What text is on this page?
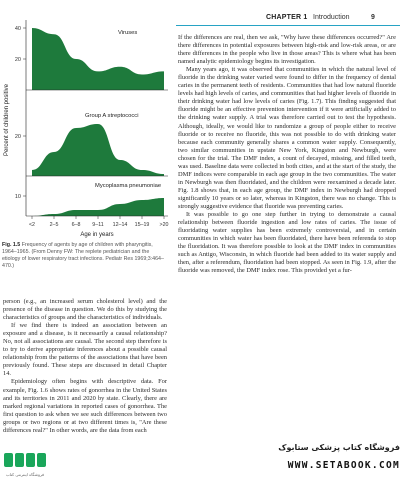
CHAPTER 1 Introduction	9
20
40
Viruses
20
Group A streptococci
10
Mycoplasma pneumoniae
<2	2–5 6–8 9–11 12–14 15–19 >20
Age in years
Percent of children positive
Fig. 1.5 Frequency of agents by age of children with pharyngitis, 1964–1965. (From Denny FW: The replete pediatrician and the etiology of lower respiratory tract infections. Pediatr Res 1969;3:464–470.)

person (e.g., an increased serum cholesterol level) and the presence of the disease in question. We do this by studying the characteristics of groups and the characteristics of individuals.

If we find there is indeed an association between an exposure and a disease, is it necessarily a causal relationship? No, not all associations are causal. The second step therefore is to try to derive appropriate inferences about a possible causal relationship from the patterns of the associations that have been previously found. These steps are discussed in detail Chapter 14.

Epidemiology often begins with descriptive data. For example, Fig. 1.6 shows rates of gonorrhea in the United States and its territories in 2011 and 2020 by state. Clearly, there are marked regional variations in reported cases of gonorrhea. The first question to ask when we see such differences between two groups or two regions or at two different times is, "Are these differences real?" In other words, are the data from each

If the differences are real, then we ask, "Why have these differences occurred?" Are there differences in potential exposures between high-risk and low-risk areas, or are there differences in the people who live in those areas? This is where what has been named analytic epidemiology begins its investigation.

Many years ago, it was observed that communities in which the natural level of fluoride in the drinking water varied were found to differ in the frequency of dental caries in the permanent teeth of residents. Communities that had low natural fluoride levels had high levels of caries, and communities that had higher levels of fluoride in their drinking water had low levels of caries (Fig. 1.7). This finding suggested that fluoride might be an effective prevention intervention if it were artificially added to the drinking water supply. A trial was therefore carried out to test the hypothesis. Although, ideally, we would like to randomize a group of people either to receive fluoride or to receive no fluoride, this was not possible to do with drinking water because each community generally shares a common water supply. Consequently, two similar communities in upstate New York, Kingston and Newburgh, were chosen for the trial. The DMF index, a count of decayed, missing, and filled teeth, was used. Baseline data were collected in both cities, and at the start of the study, the DMF indices were comparable in each age group in the two communities. The water in Newburgh was then fluoridated, and the children were reexamined a decade later. Fig. 1.8 shows that, in each age group, the DMF index in Newburgh had dropped significantly 10 years or so later, whereas in Kingston, there was no change. This is strongly suggestive evidence that fluoride was preventing caries.

It was possible to go one step further in trying to demonstrate a causal relationship between fluoride ingestion and low rates of caries. The issue of fluoridating water supplies has been extremely controversial, and in certain communities in which water has been fluoridated, there have been referenda to stop the fluoridation. It was therefore possible to look at the DMF index in communities such as Antigo, Wisconsin, in which fluoride had been added to its water supply and then, after a referendum, fluoridation had been stopped. As seen in Fig. 1.9, after the fluoride was removed, the DMF index rose. This provided yet a fur-

فروشگاه اینترنتی کتاب
فروشگاه کتاب پزشکی ستابوک
WWW.SETABOOK.COM
